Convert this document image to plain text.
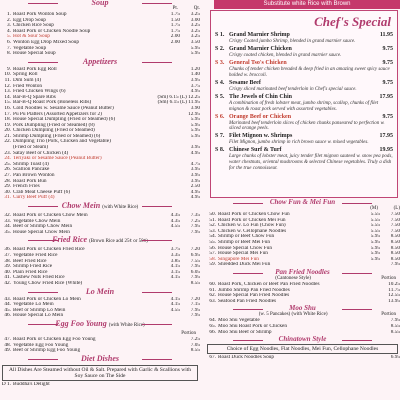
Soup
Pt.	Qt.
1. Roast Pork Wonton Soup	1.75	3.25
2. Egg Drop Soup	1.50	3.00
3. Chicken Rice Soup	1.75	3.25
4. Roast Pork or Chicken Noodle Soup	1.75	3.25
5. Hot & Sour Soup	2.00	3.25
6. Wonton Egg Drop Mixed Soup	2.00	3.50
7. Vegetable Soup	5.95
8. House Special Soup	5.95
Appetizers
9. Roast Pork Egg Roll	1.20
10. Spring Roll	1.40
11. Dim Sum (4)	3.95
12. Fried Wonton	3.75
13. Fried Chicken Wings (6)	4.95
14. Bar-B-Q Spare Ribs	(Sm) 6.15 (L) 12.25
15. Bar-B-Q Roast Pork (Boneless Ribs)	(Sm) 6.15 (L) 11.95
16. Cold Noodles w. Sesame Sauce (Peanut Butter)	3.90
17. Pu Pu Platters (Assorted Appetizers for 2)	12.95
18. House Special Dumpling (Fried or Steamed) (6)	5.95
19. Pork Dumpling (Fried or Steamed) (8)	5.95
20. Chicken Dumpling (Fried or Steamed)	5.95
21. Shrimp Dumpling (Fried or Steamed) (6)	5.95
22. Dumpling Trio (Pork, Chicken and Vegetable)
(Fried or Steam)	3.95
23. Satay Beef or Chicken (4)	4.95
24. Teriyaki or Sesame Sauce (Peanut Butter)
25. Shrimp Toast (4)	4.75
26. Scallion Pancake	3.95
27. Pan Brown Wonton	3.95
28. Roast Pork Bun	3.95
29. French Fries	2.50
30. Crab Meat Cheese Puff (6)	4.95
31. Curry Beef Puff (4)	4.95
Chow Mein (with White Rice)
32. Roast Pork or Chicken Chow Mein	4.35	7.35
33. Vegetable Chow Mein	4.35	7.25
34. Beef or Shrimp Chow Mein	4.55	7.95
35. House Special Chow Mein	7.95
Fried Rice (Brown Rice add 25¢ or 50¢)
36. Roast Pork or Chicken Fried Rice	3.75	7.20
37. Vegetable Fried Rice	3.35	6.95
38. Beef Fried Rice	3.85	7.55
39. Shrimp Fried Rice	4.15	7.95
40. Plain Fried Rice	3.15	6.05
41. Cashew Nuts Fried Rice	4.15	7.95
42. Young Chow Fried Rice (White)	8.55
Lo Mein
43. Roast Pork or Chicken Lo Mein	4.15	7.20
44. Vegetable Lo Mein	4.15	7.15
45. Beef or Shrimp Lo Mein	4.55	7.95
46. House Special Lo Mein	7.95
Egg Foo Young (with White Rice)
Portion
47. Roast Pork or Chicken Egg Foo Young	7.25
48. Vegetable Egg Foo Young	7.05
49. Beef or Shrimp Egg Foo Young	8.55
Diet Dishes
All Dishes Are Steamed without Oil & Salt. Prepared with Garlic & Scallions with Soy Sauce on The Side
D 1. Buddha's Delight
Substitute white Rice with Brown
Chef's Special
S 1. Grand Marnier Shrimp	11.95
Crispy Coated jumbo Shrimp, blended in grand marnier sauce.
S 2. Grand Marnier Chicken	9.75
Crispy coated chicken, blended in grand marnier sauce.
S 3. General Tso's Chicken	9.75
Chunks of tender chicken breaded & deep fried in an amazing sweet spicy sauce holded w. broccoli.
S 4. Sesame Beef	9.75
Crispy sliced marinated beef tenderloin in Chef's special sauce.
S 5. The Jewels of Chin Chin	17.95
A combination of fresh lobster meat, jumbo shrimp, scallop, chunks of filet mignon & roast pork served with assorted vegetables.
S 6. Orange Beef or Chicken	9.75
Marinated beef tenderloin slices of chicken chunks panseared to perfection w. sliced orange peels.
S 7. Filet Mignon w. Shrimps	17.95
Filet Mignon, jumbo shrimp in rich brown sauce w. mixed vegetables.
S 8. Chinese Surf & Turf	19.95
Large chunks of lobster meat, juicy tender filet mignon sauteed w. snow pea pods, water chestnuts, oriental mushrooms & selected Chinese vegetables. Truly a dish for the true connoisseur.
Chow Fun & Mei Fun
(M)	(L)
50. Roast Pork or Chicken Chow Fun	5.55	7.50
51. Roast Pork or Chicken Mei Fun	5.55	7.50
52. Chicken w. Lo Fun (Chow Fun)	5.55	7.50
53. Chicken w. Cellophane Noodles	5.55	7.50
54. Shrimp or Beef Chow Fun	5.95	8.50
55. Shrimp or Beef Mei Fun	5.95	8.50
56. House Special Chow Fun	5.95	8.50
57. House Special Mei Fun	5.95	8.50
58. Singapore Mei Fun	5.95	8.50
59. Shredded Duck Mei Fun	7.95
Pan Fried Noodles
(Cantonese Style)	Portion
60. Roast Pork, Chicken or Beef Pan Fried Noodles	10.25
61. Jumbo Shrimp Pan Fried Noodles	11.75
62. House Special Pan Fried Noodles	12.55
63. Seafood Pan Fried Noodles	13.95
Moo Shu
(w. 5 Pancakes) (with White Rice)	Portion
64. Moo Shu Vegetable	7.95
65. Moo Shu Roast Pork or Chicken	8.55
66. Moo Shu Beef or Shrimp	8.55
Chinatown Style
Choice of Egg Noodles, Flat Noodles, Mei Fun, Cellophane Noodles
67. Roast Duck Noodles Soup	6.95
